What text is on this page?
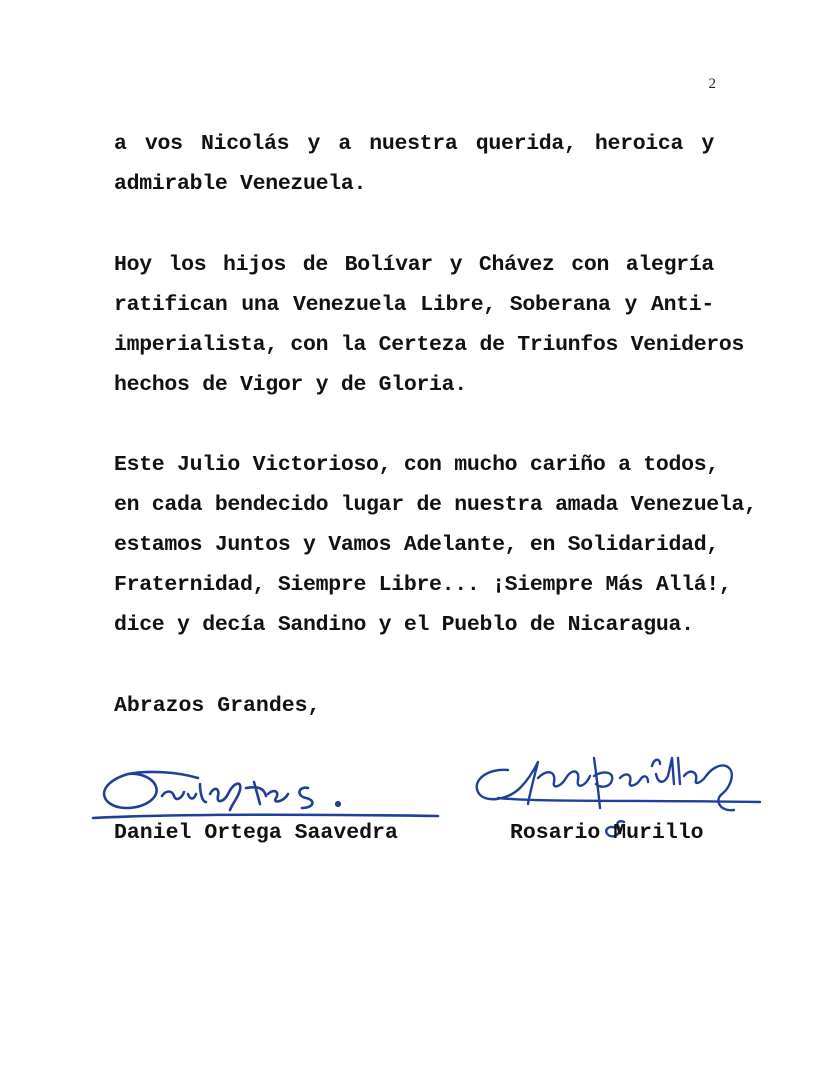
2
a vos Nicolás y a nuestra querida, heroica y
admirable Venezuela.
Hoy los hijos de Bolívar y Chávez con alegría
ratifican una Venezuela Libre, Soberana y Anti-
imperialista, con la Certeza de Triunfos Venideros
hechos de Vigor y de Gloria.
Este Julio Victorioso, con mucho cariño a todos,
en cada bendecido lugar de nuestra amada Venezuela,
estamos Juntos y Vamos Adelante, en Solidaridad,
Fraternidad, Siempre Libre... ¡Siempre Más Allá!,
dice y decía Sandino y el Pueblo de Nicaragua.
Abrazos Grandes,
Daniel Ortega Saavedra	Rosario Murillo
